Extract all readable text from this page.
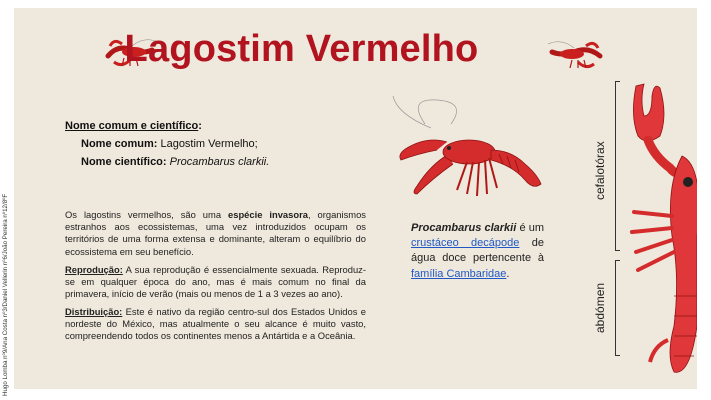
Lagostim Vermelho
Nome comum e científico:
Nome comum: Lagostim Vermelho;
Nome científico: Procambarus clarkii.
Os lagostins vermelhos, são uma espécie invasora, organismos estranhos aos ecossistemas, uma vez introduzidos ocupam os territórios de uma forma extensa e dominante, alteram o equilíbrio do ecossistema em seu benefício.
Reprodução: A sua reprodução é essencialmente sexuada. Reproduz-se em qualquer época do ano, mas é mais comum no final da primavera, início de verão (mais ou menos de 1 a 3 vezes ao ano).
Distribuição: Este é nativo da região centro-sul dos Estados Unidos e nordeste do México, mas atualmente o seu alcance é muito vasto, compreendendo todos os continentes menos a Antártida e a Oceânia.
Procambarus clarkii é um crustáceo decápode de água doce pertencente à família Cambaridae.
cefalotórax
abdómen
Hugo Lomba nº9/Ana Costa nº3/Daniel Vellerin nº6/João Pereira nº12/8ºF
